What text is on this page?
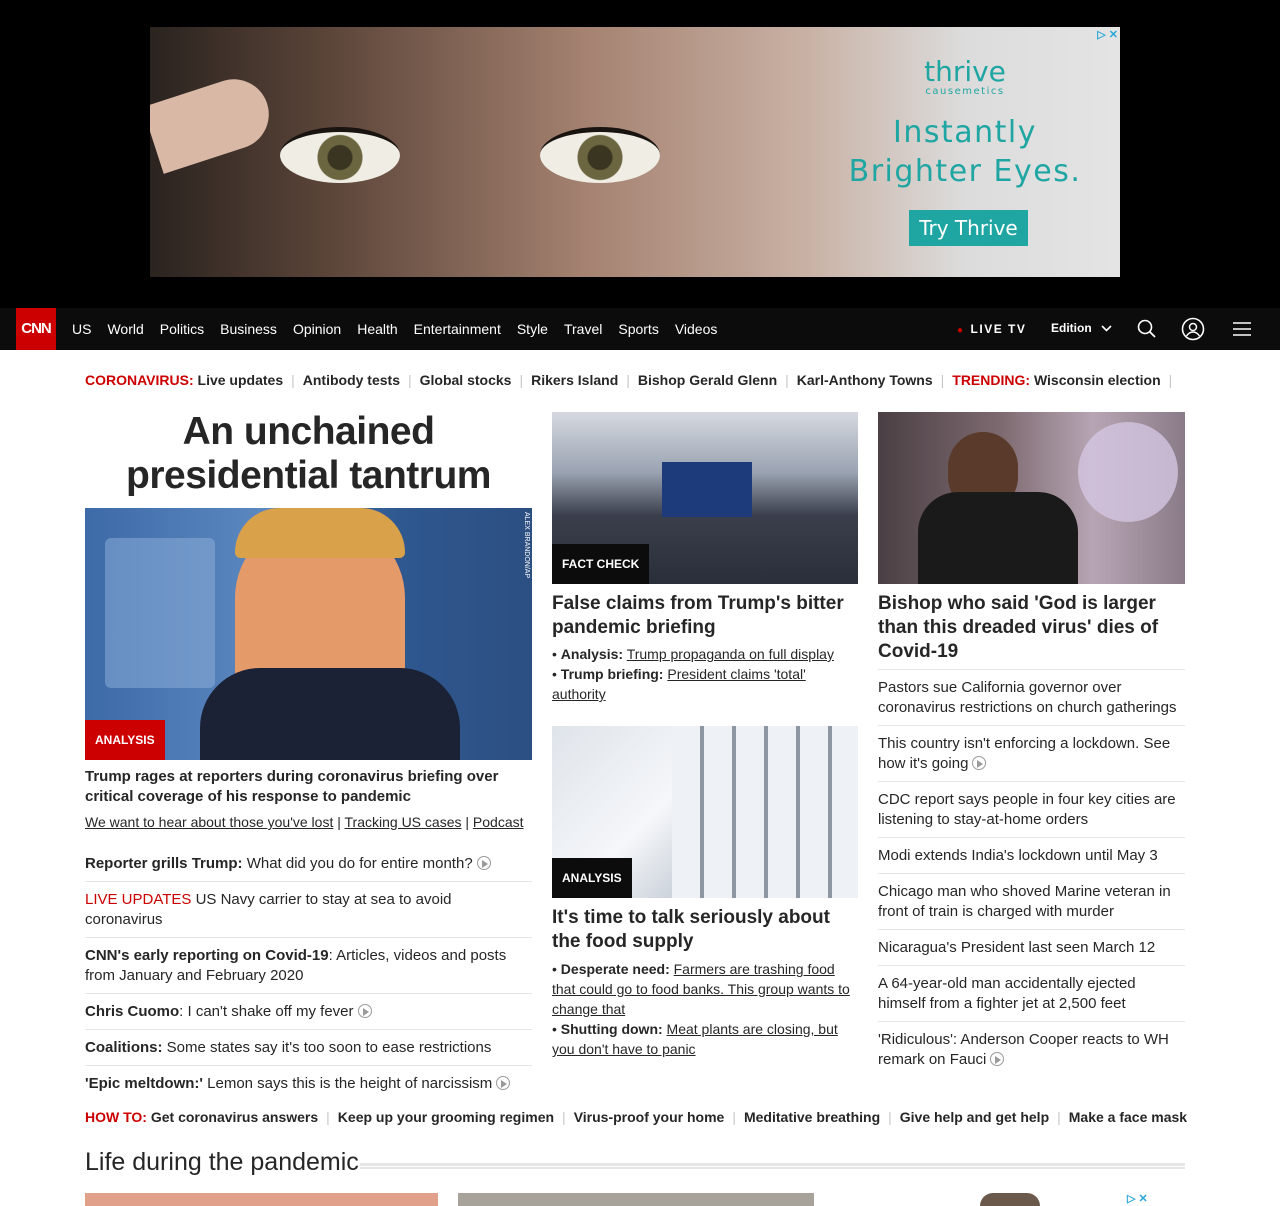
thrive
causemetics
Instantly
Brighter Eyes.
Try Thrive
▷ ✕
CNN	US World Politics Business Opinion Health Entertainment Style Travel Sports Videos	● LIVE TV Edition
CORONAVIRUS: Live updates | Antibody tests | Global stocks | Rikers Island | Bishop Gerald Glenn | Karl-Anthony Towns | TRENDING: Wisconsin election |
An unchained presidential tantrum
ALEX BRANDON/AP
ANALYSIS
Trump rages at reporters during coronavirus briefing over critical coverage of his response to pandemic
We want to hear about those you've lost | Tracking US cases | Podcast
Reporter grills Trump: What did you do for entire month?
LIVE UPDATES US Navy carrier to stay at sea to avoid coronavirus
CNN's early reporting on Covid-19: Articles, videos and posts from January and February 2020
Chris Cuomo: I can't shake off my fever
Coalitions: Some states say it's too soon to ease restrictions
'Epic meltdown:' Lemon says this is the height of narcissism
FACT CHECK
False claims from Trump's bitter pandemic briefing
• Analysis: Trump propaganda on full display
• Trump briefing: President claims 'total' authority
ANALYSIS
It's time to talk seriously about the food supply
• Desperate need: Farmers are trashing food that could go to food banks. This group wants to change that
• Shutting down: Meat plants are closing, but you don't have to panic
Bishop who said 'God is larger than this dreaded virus' dies of Covid-19
Pastors sue California governor over coronavirus restrictions on church gatherings
This country isn't enforcing a lockdown. See how it's going
CDC report says people in four key cities are listening to stay-at-home orders
Modi extends India's lockdown until May 3
Chicago man who shoved Marine veteran in front of train is charged with murder
Nicaragua's President last seen March 12
A 64-year-old man accidentally ejected himself from a fighter jet at 2,500 feet
'Ridiculous': Anderson Cooper reacts to WH remark on Fauci
HOW TO: Get coronavirus answers | Keep up your grooming regimen | Virus-proof your home | Meditative breathing | Give help and get help | Make a face mask
Life during the pandemic
▷ ✕
